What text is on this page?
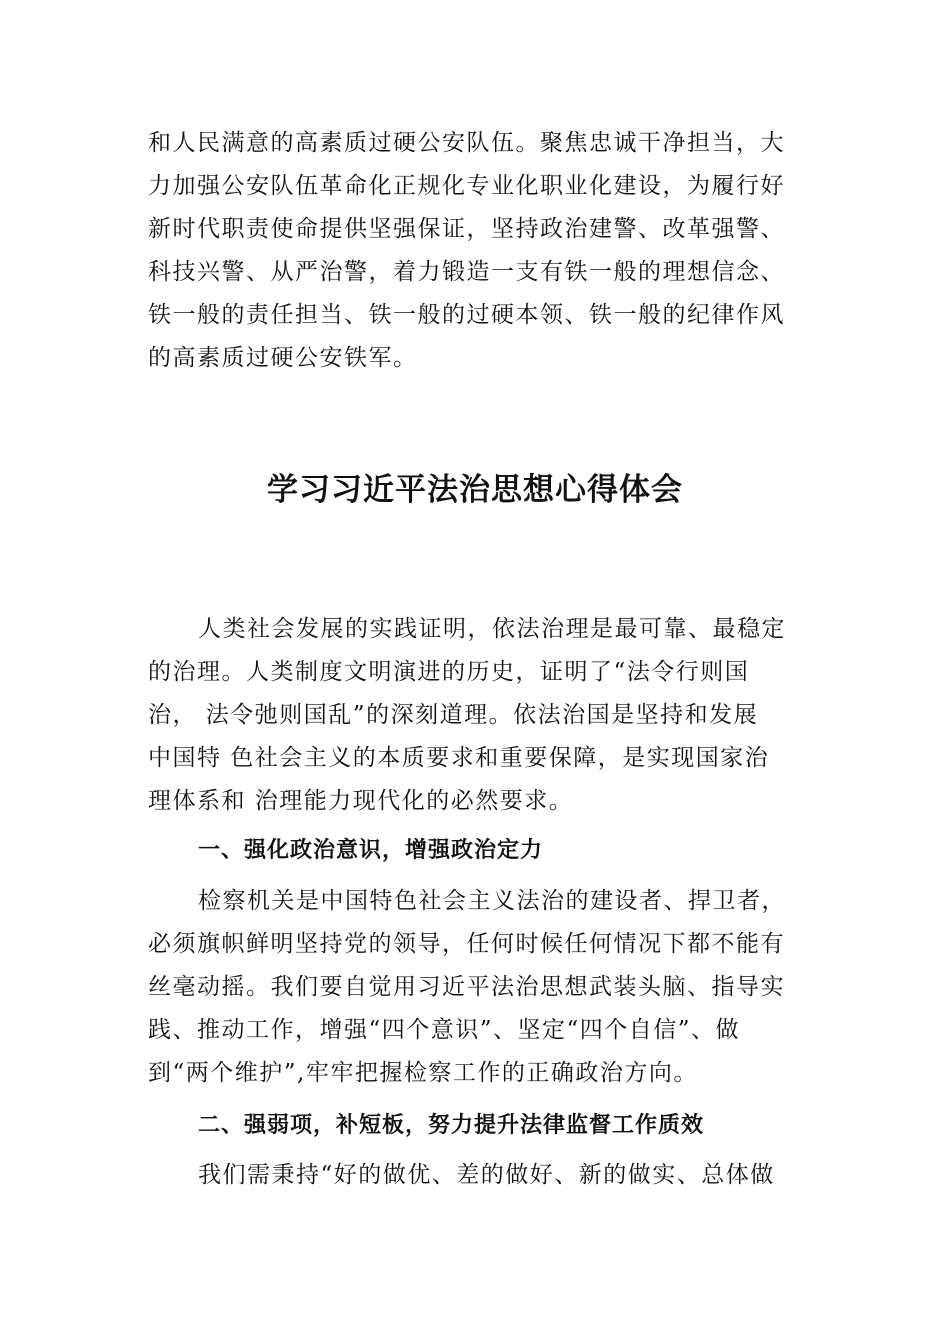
和人民满意的高素质过硬公安队伍。聚焦忠诚干净担当，大
力加强公安队伍革命化正规化专业化职业化建设，为履行好
新时代职责使命提供坚强保证，坚持政治建警、改革强警、
科技兴警、从严治警，着力锻造一支有铁一般的理想信念、
铁一般的责任担当、铁一般的过硬本领、铁一般的纪律作风
的高素质过硬公安铁军。
学习习近平法治思想心得体会
人类社会发展的实践证明，依法治理是最可靠、最稳定
的治理。人类制度文明演进的历史，证明了“法令行则国
治， 法令弛则国乱”的深刻道理。依法治国是坚持和发展
中国特 色社会主义的本质要求和重要保障，是实现国家治
理体系和 治理能力现代化的必然要求。
一、强化政治意识，增强政治定力
检察机关是中国特色社会主义法治的建设者、捍卫者，
必须旗帜鲜明坚持党的领导，任何时候任何情况下都不能有
丝毫动摇。我们要自觉用习近平法治思想武装头脑、指导实
践、推动工作，增强“四个意识”、坚定“四个自信”、做
到“两个维护”,牢牢把握检察工作的正确政治方向。
二、强弱项，补短板，努力提升法律监督工作质效
我们需秉持“好的做优、差的做好、新的做实、总体做
